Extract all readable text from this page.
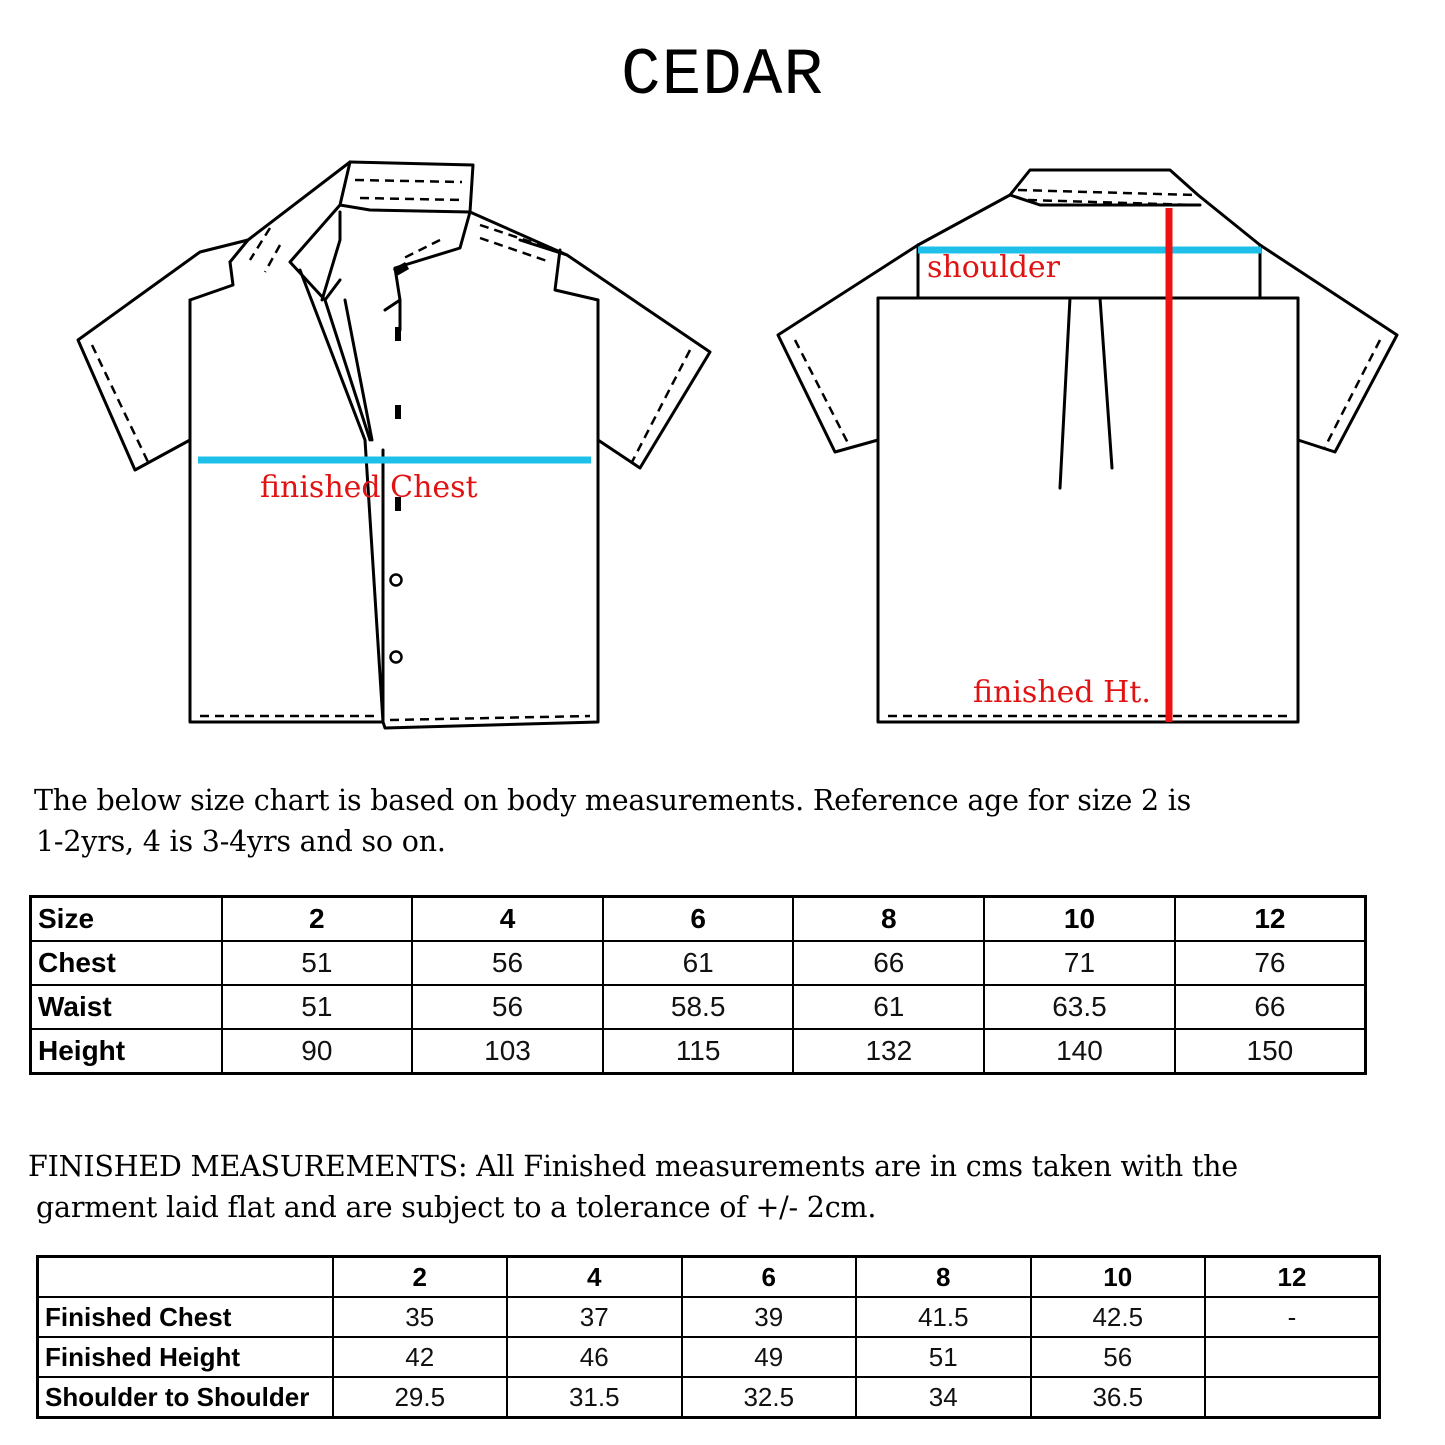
CEDAR
finished Chest
shoulder
finished Ht.
The below size chart is based on body measurements. Reference age for size 2 is
1-2yrs, 4 is 3-4yrs and so on.
Size	2	4	6	8	10	12
Chest	51	56	61	66	71	76
Waist	51	56	58.5	61	63.5	66
Height	90	103	115	132	140	150
FINISHED MEASUREMENTS: All Finished measurements are in cms taken with the
garment laid flat and are subject to a tolerance of +/- 2cm.
	2	4	6	8	10	12
Finished Chest	35	37	39	41.5	42.5	-
Finished Height	42	46	49	51	56	
Shoulder to Shoulder	29.5	31.5	32.5	34	36.5	
